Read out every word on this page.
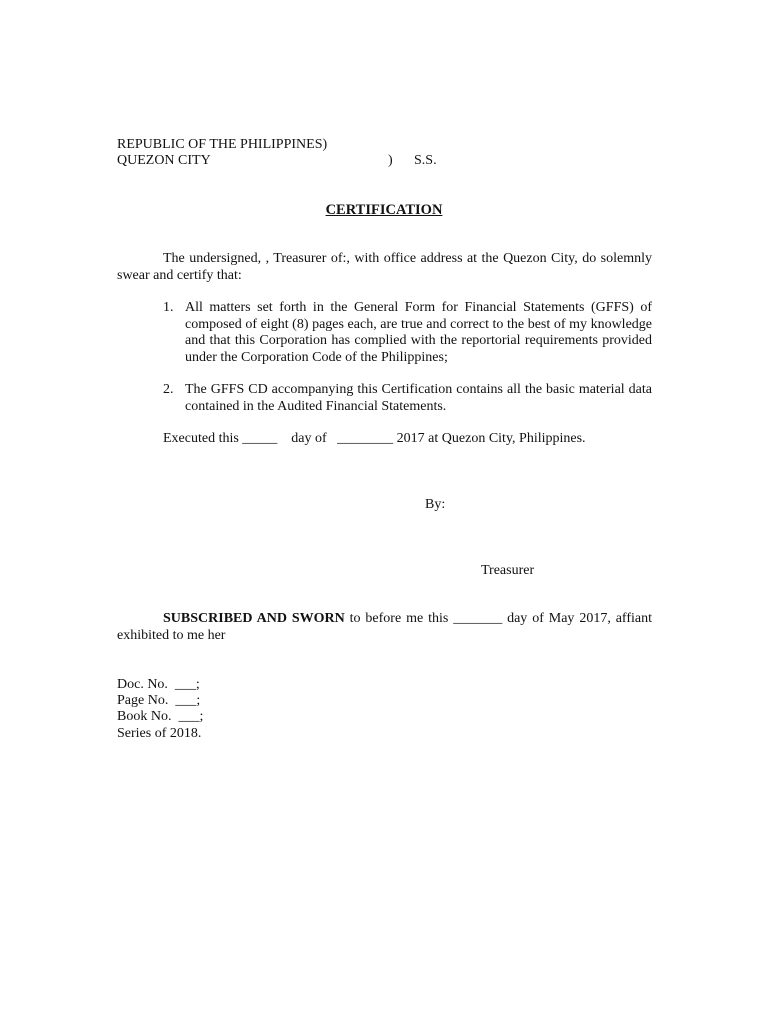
REPUBLIC OF THE PHILIPPINES)
QUEZON CITY	) S.S.
CERTIFICATION
The undersigned, , Treasurer of:, with office address at the Quezon City, do solemnly swear and certify that:
1. All matters set forth in the General Form for Financial Statements (GFFS) of composed of eight (8) pages each, are true and correct to the best of my knowledge and that this Corporation has complied with the reportorial requirements provided under the Corporation Code of the Philippines;
2. The GFFS CD accompanying this Certification contains all the basic material data contained in the Audited Financial Statements.
Executed this _____    day of   ________ 2017 at Quezon City, Philippines.
By:
Treasurer
SUBSCRIBED AND SWORN to before me this _______ day of May 2017, affiant exhibited to me her
Doc. No.  ___;
Page No.  ___;
Book No.  ___;
Series of 2018.
